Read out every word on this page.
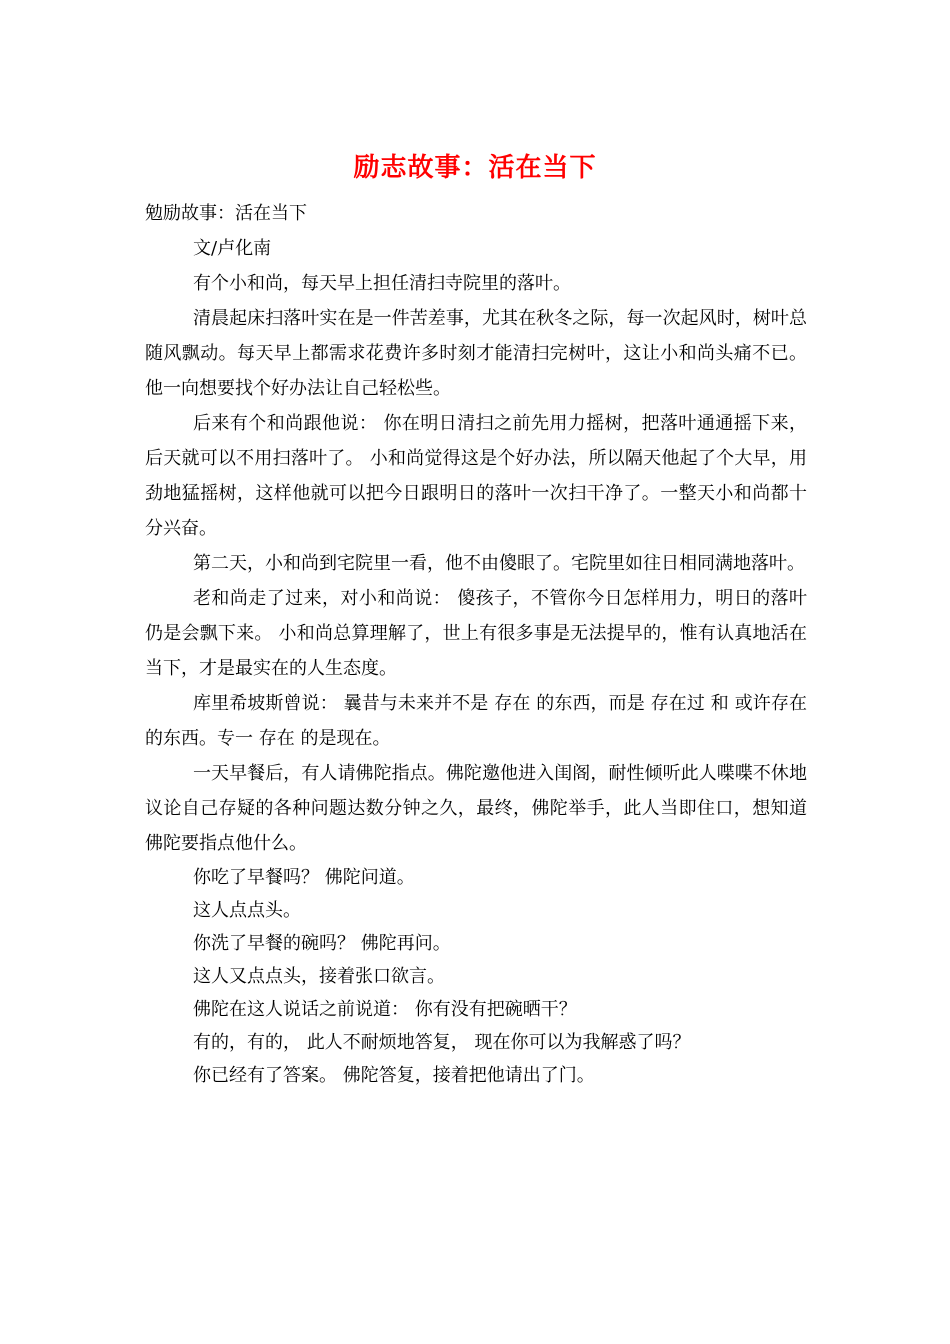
励志故事：活在当下

勉励故事：活在当下

文/卢化南

有个小和尚，每天早上担任清扫寺院里的落叶。

清晨起床扫落叶实在是一件苦差事，尤其在秋冬之际，每一次起风时，树叶总随风飘动。每天早上都需求花费许多时刻才能清扫完树叶，这让小和尚头痛不已。他一向想要找个好办法让自己轻松些。

后来有个和尚跟他说： 你在明日清扫之前先用力摇树，把落叶通通摇下来，后天就可以不用扫落叶了。 小和尚觉得这是个好办法，所以隔天他起了个大早，用劲地猛摇树，这样他就可以把今日跟明日的落叶一次扫干净了。一整天小和尚都十分兴奋。

第二天，小和尚到宅院里一看，他不由傻眼了。宅院里如往日相同满地落叶。

老和尚走了过来，对小和尚说： 傻孩子，不管你今日怎样用力，明日的落叶仍是会飘下来。 小和尚总算理解了，世上有很多事是无法提早的，惟有认真地活在当下，才是最实在的人生态度。

库里希坡斯曾说： 曩昔与未来并不是 存在 的东西，而是 存在过 和 或许存在 的东西。专一 存在 的是现在。

一天早餐后，有人请佛陀指点。佛陀邀他进入闺阁，耐性倾听此人喋喋不休地议论自己存疑的各种问题达数分钟之久，最终，佛陀举手，此人当即住口，想知道佛陀要指点他什么。

你吃了早餐吗？ 佛陀问道。

这人点点头。

你洗了早餐的碗吗？ 佛陀再问。

这人又点点头，接着张口欲言。

佛陀在这人说话之前说道： 你有没有把碗晒干？

有的，有的， 此人不耐烦地答复， 现在你可以为我解惑了吗？

你已经有了答案。 佛陀答复，接着把他请出了门。
